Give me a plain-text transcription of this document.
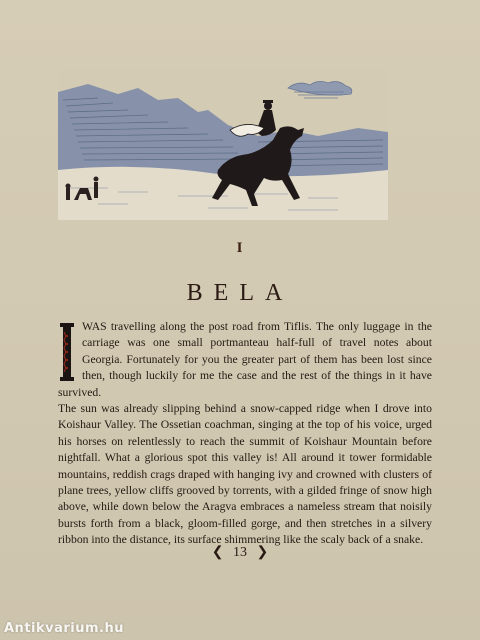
I
BELA

WAS travelling along the post road from Tiflis. The only luggage in the carriage was one small portmanteau half-full of travel notes about Georgia. Fortunately for you the greater part of them has been lost since then, though luckily for me the case and the rest of the things in it have survived.

The sun was already slipping behind a snow-capped ridge when I drove into Koishaur Valley. The Ossetian coachman, singing at the top of his voice, urged his horses on relentlessly to reach the summit of Koishaur Mountain before nightfall. What a glorious spot this valley is! All around it tower formidable mountains, reddish crags draped with hanging ivy and crowned with clusters of plane trees, yellow cliffs grooved by torrents, with a gilded fringe of snow high above, while down below the Aragva embraces a nameless stream that noisily bursts forth from a black, gloom-filled gorge, and then stretches in a silvery ribbon into the distance, its surface shimmering like the scaly back of a snake.

❮ 13 ❯
Antikvarium.hu
